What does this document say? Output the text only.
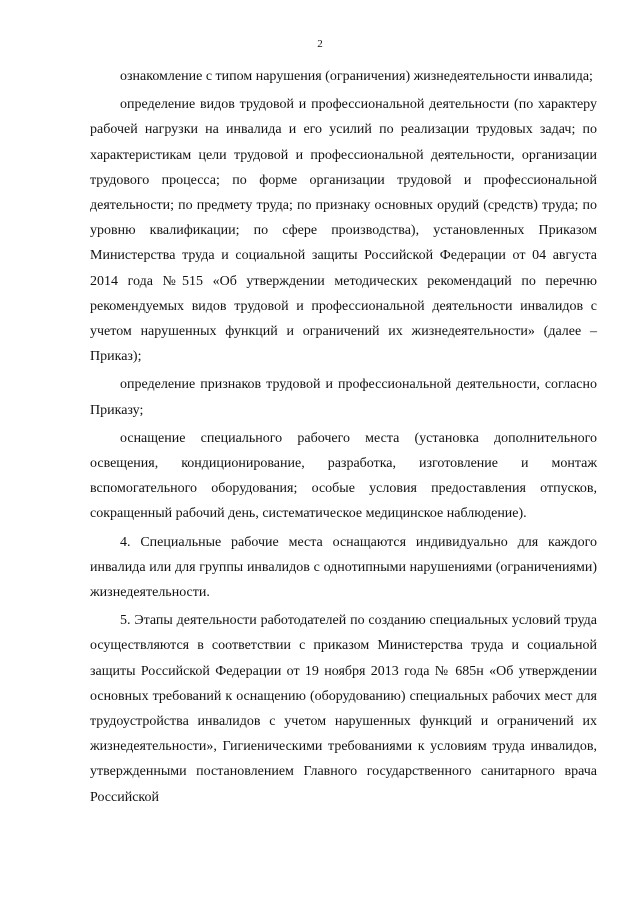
2

ознакомление с типом нарушения (ограничения) жизнедеятельности инвалида;

определение видов трудовой и профессиональной деятельности (по характеру рабочей нагрузки на инвалида и его усилий по реализации трудовых задач; по характеристикам цели трудовой и профессиональной деятельности, организации трудового процесса; по форме организации трудовой и профессиональной деятельности; по предмету труда; по признаку основных орудий (средств) труда; по уровню квалификации; по сфере производства), установленных Приказом Министерства труда и социальной защиты Российской Федерации от 04 августа 2014 года №515 «Об утверждении методических рекомендаций по перечню рекомендуемых видов трудовой и профессиональной деятельности инвалидов с учетом нарушенных функций и ограничений их жизнедеятельности» (далее – Приказ);

определение признаков трудовой и профессиональной деятельности, согласно Приказу;

оснащение специального рабочего места (установка дополнительного освещения, кондиционирование, разработка, изготовление и монтаж вспомогательного оборудования; особые условия предоставления отпусков, сокращенный рабочий день, систематическое медицинское наблюдение).

4. Специальные рабочие места оснащаются индивидуально для каждого инвалида или для группы инвалидов с однотипными нарушениями (ограничениями) жизнедеятельности.

5. Этапы деятельности работодателей по созданию специальных условий труда осуществляются в соответствии с приказом Министерства труда и социальной защиты Российской Федерации от 19 ноября 2013 года № 685н «Об утверждении основных требований к оснащению (оборудованию) специальных рабочих мест для трудоустройства инвалидов с учетом нарушенных функций и ограничений их жизнедеятельности», Гигиеническими требованиями к условиям труда инвалидов, утвержденными постановлением Главного государственного санитарного врача Российской
